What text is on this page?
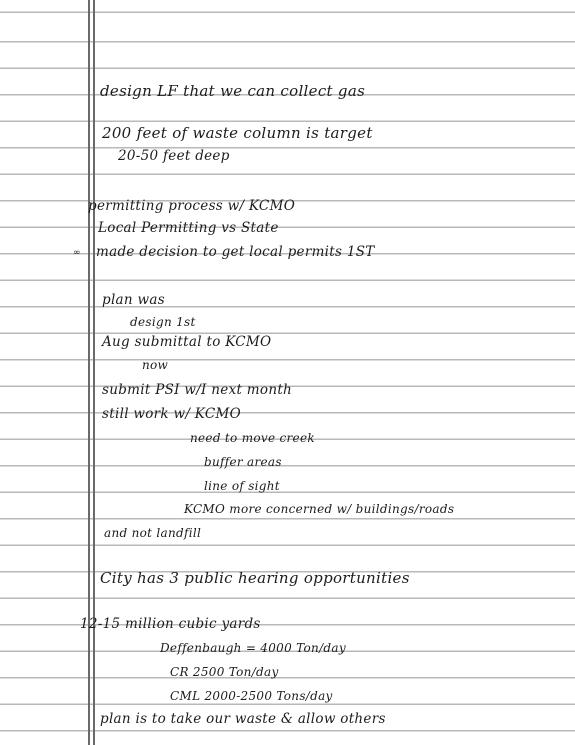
∞
design LF that we can collect gas
200 feet of waste column is target
20-50 feet deep
permitting process w/ KCMO
Local Permitting vs State
made decision to get local permits 1ST
plan was
design 1st
Aug submittal to KCMO
now
submit PSI w/I next month
still work w/ KCMO
need to move creek
buffer areas
line of sight
KCMO more concerned w/ buildings/roads
and not landfill
City has 3 public hearing opportunities
12-15 million cubic yards
Deffenbaugh = 4000 Ton/day
CR 2500 Ton/day
CML 2000-2500 Tons/day
plan is to take our waste & allow others
